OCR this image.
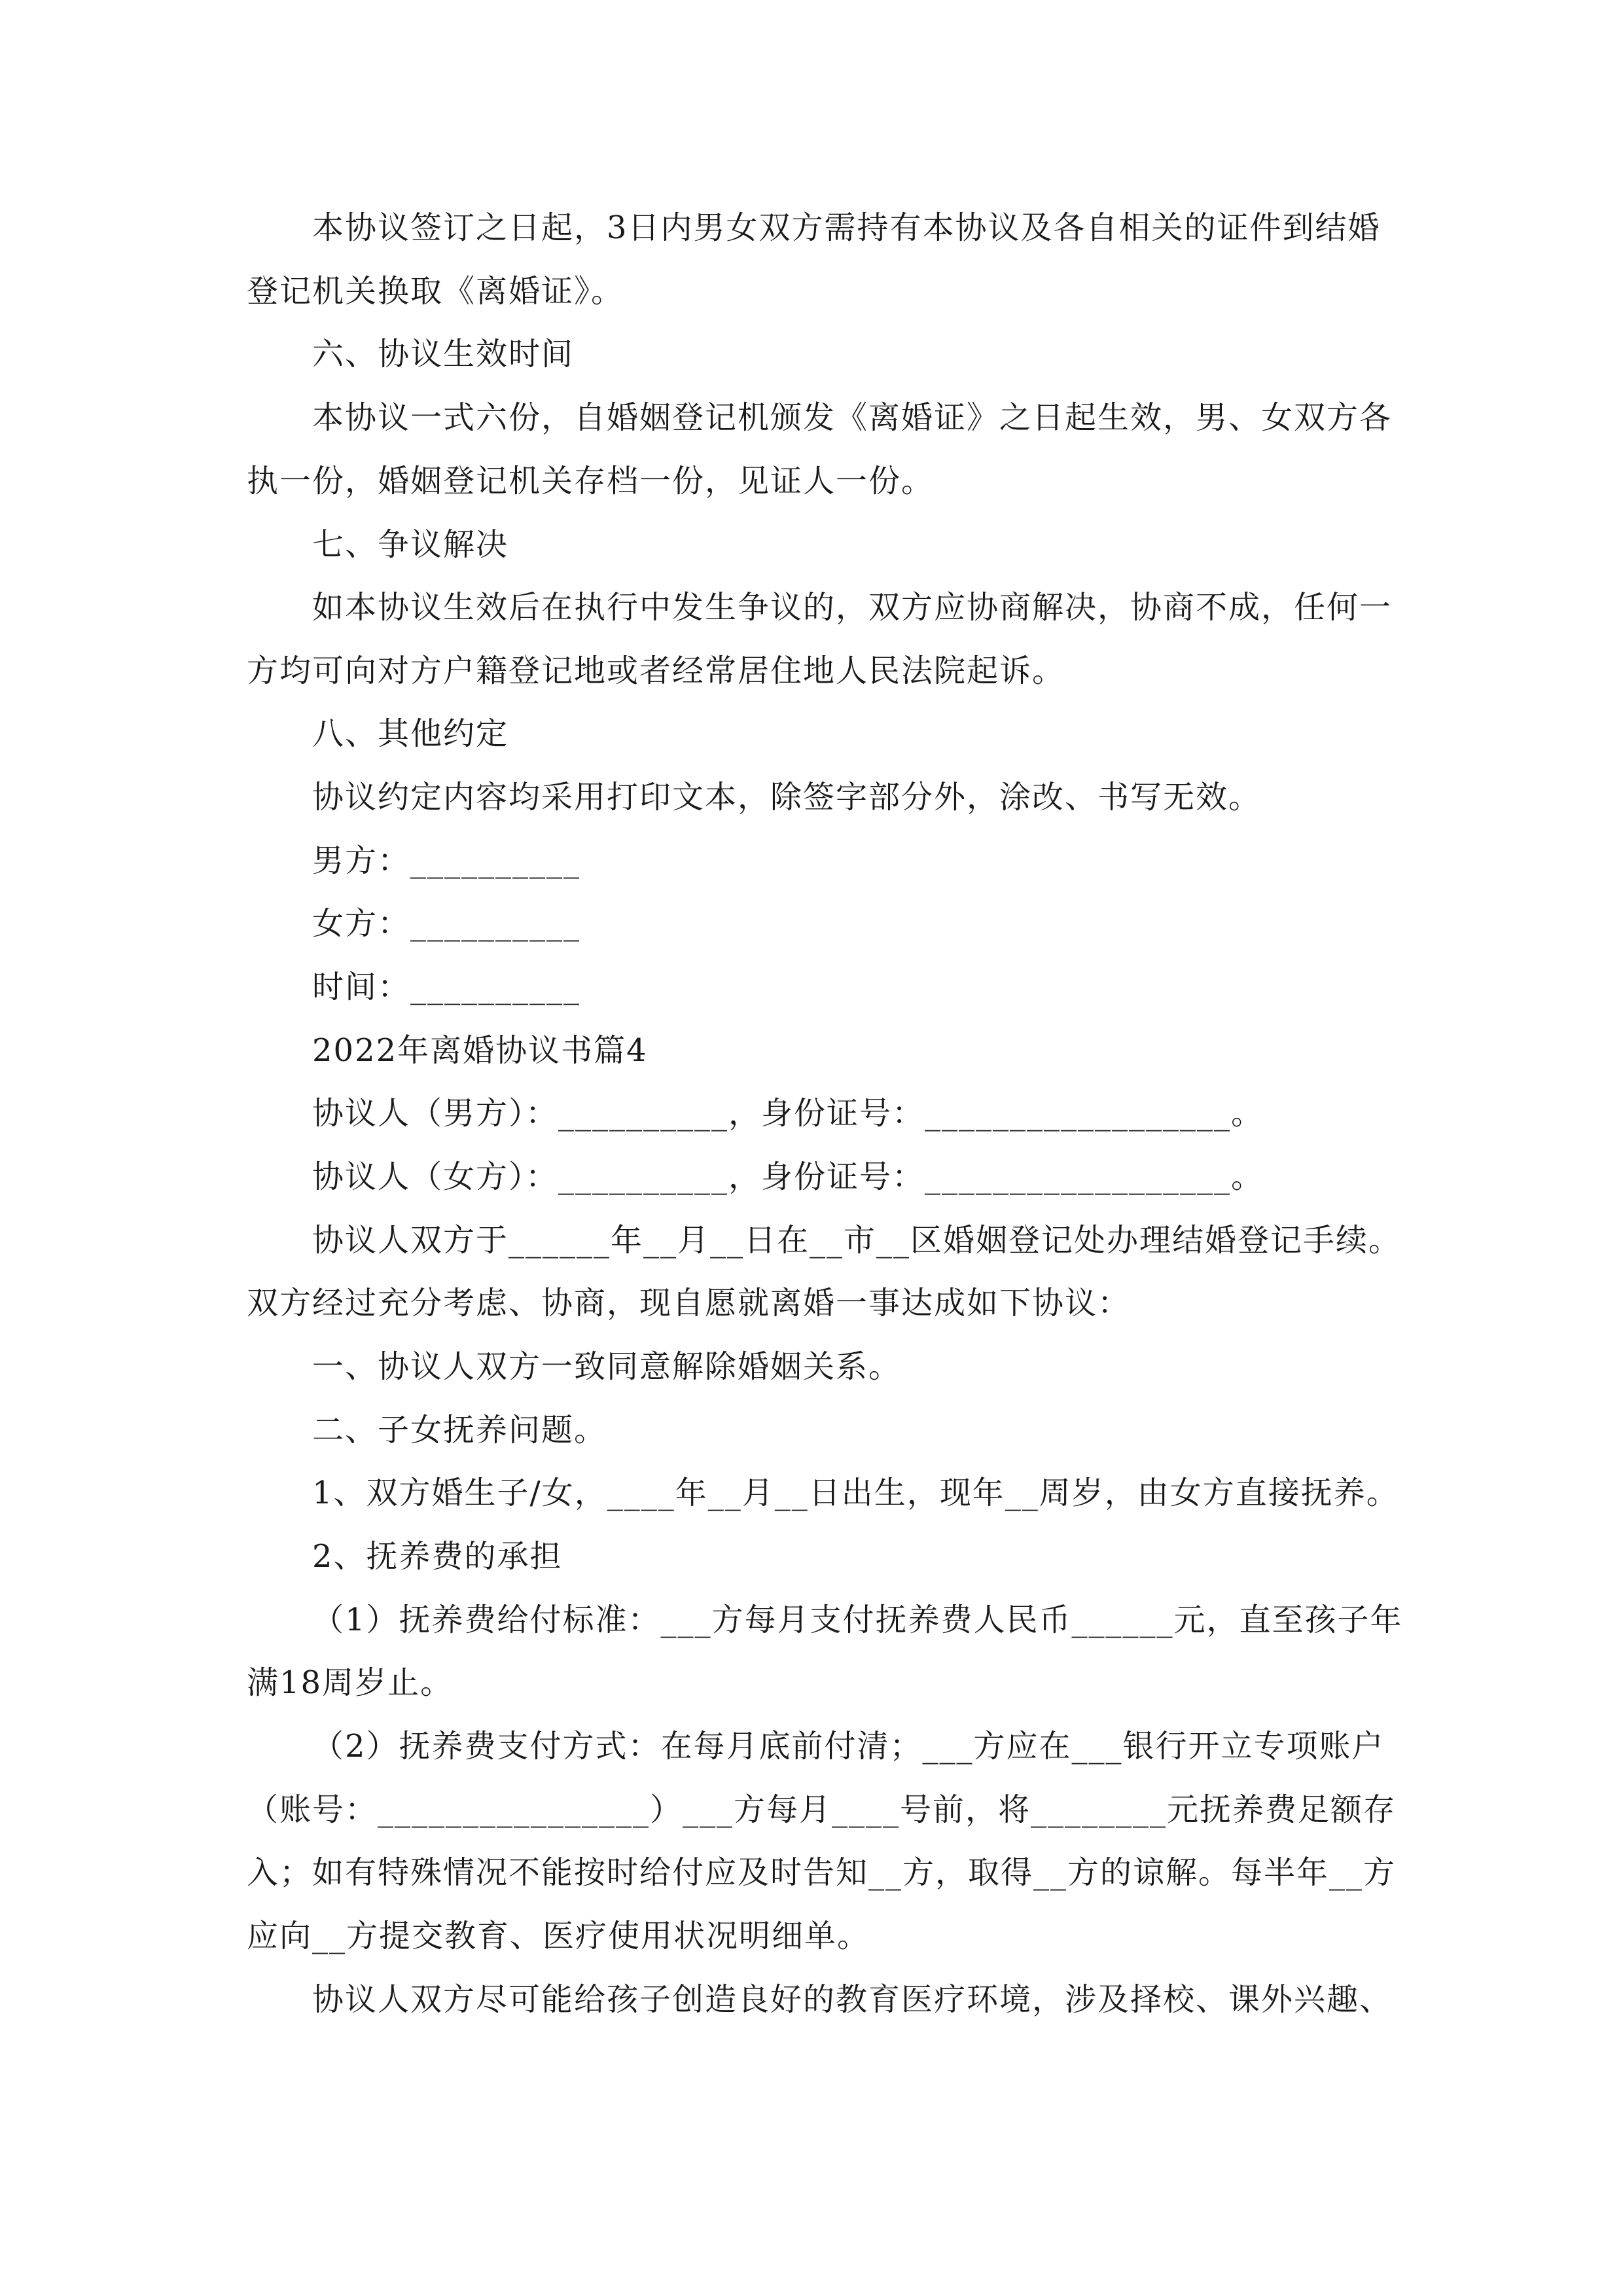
本协议签订之日起，3日内男女双方需持有本协议及各自相关的证件到结婚
登记机关换取《离婚证》。
六、协议生效时间
本协议一式六份，自婚姻登记机颁发《离婚证》之日起生效，男、女双方各
执一份，婚姻登记机关存档一份，见证人一份。
七、争议解决
如本协议生效后在执行中发生争议的，双方应协商解决，协商不成，任何一
方均可向对方户籍登记地或者经常居住地人民法院起诉。
八、其他约定
协议约定内容均采用打印文本，除签字部分外，涂改、书写无效。
男方：__________
女方：__________
时间：__________
2022年离婚协议书篇4
协议人（男方）：__________，身份证号：__________________。
协议人（女方）：__________，身份证号：__________________。
协议人双方于______年__月__日在__市__区婚姻登记处办理结婚登记手续。
双方经过充分考虑、协商，现自愿就离婚一事达成如下协议：
一、协议人双方一致同意解除婚姻关系。
二、子女抚养问题。
1、双方婚生子/女，____年__月__日出生，现年__周岁，由女方直接抚养。
2、抚养费的承担
（1）抚养费给付标准：___方每月支付抚养费人民币______元，直至孩子年
满18周岁止。
（2）抚养费支付方式：在每月底前付清；___方应在___银行开立专项账户
（账号：________________）___方每月____号前，将________元抚养费足额存
入；如有特殊情况不能按时给付应及时告知__方，取得__方的谅解。每半年__方
应向__方提交教育、医疗使用状况明细单。
协议人双方尽可能给孩子创造良好的教育医疗环境，涉及择校、课外兴趣、
